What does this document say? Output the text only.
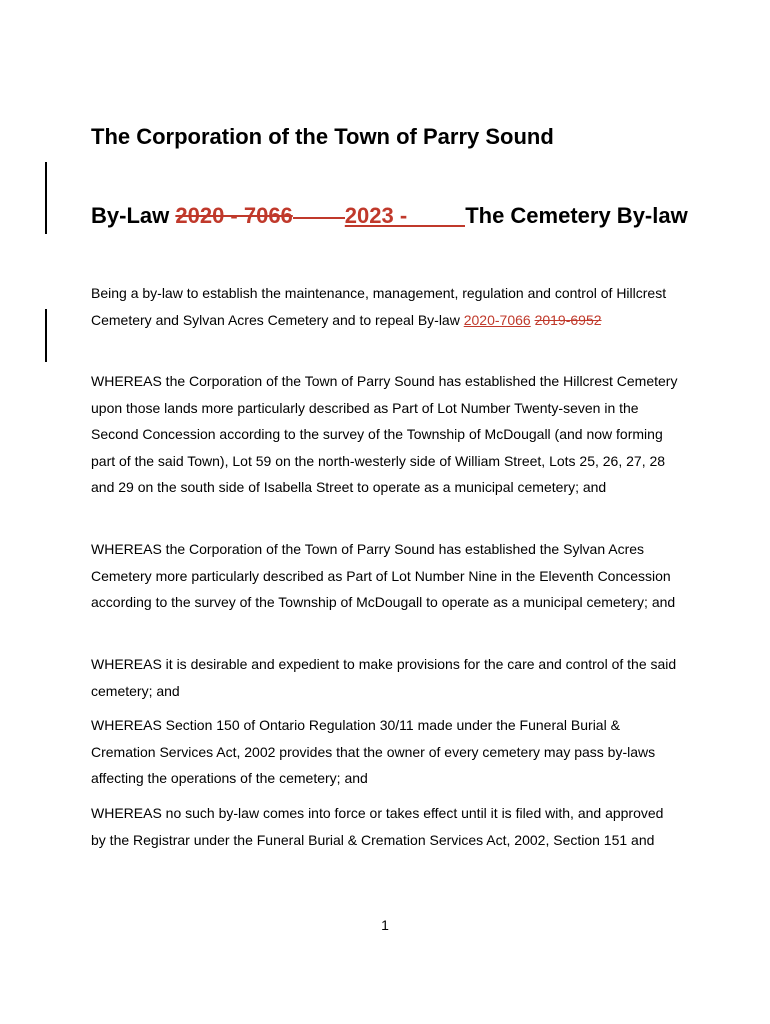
The Corporation of the Town of Parry Sound

By-Law 2020 - 7066 2023 -	The Cemetery By-law

Being a by-law to establish the maintenance, management, regulation and control of Hillcrest Cemetery and Sylvan Acres Cemetery and to repeal By-law 2020-7066 2019-6952

WHEREAS the Corporation of the Town of Parry Sound has established the Hillcrest Cemetery upon those lands more particularly described as Part of Lot Number Twenty-seven in the Second Concession according to the survey of the Township of McDougall (and now forming part of the said Town), Lot 59 on the north-westerly side of William Street, Lots 25, 26, 27, 28 and 29 on the south side of Isabella Street to operate as a municipal cemetery; and

WHEREAS the Corporation of the Town of Parry Sound has established the Sylvan Acres Cemetery more particularly described as Part of Lot Number Nine in the Eleventh Concession according to the survey of the Township of McDougall to operate as a municipal cemetery; and

WHEREAS it is desirable and expedient to make provisions for the care and control of the said cemetery; and

WHEREAS Section 150 of Ontario Regulation 30/11 made under the Funeral Burial & Cremation Services Act, 2002 provides that the owner of every cemetery may pass by-laws affecting the operations of the cemetery; and

WHEREAS no such by-law comes into force or takes effect until it is filed with, and approved by the Registrar under the Funeral Burial & Cremation Services Act, 2002, Section 151 and

1
